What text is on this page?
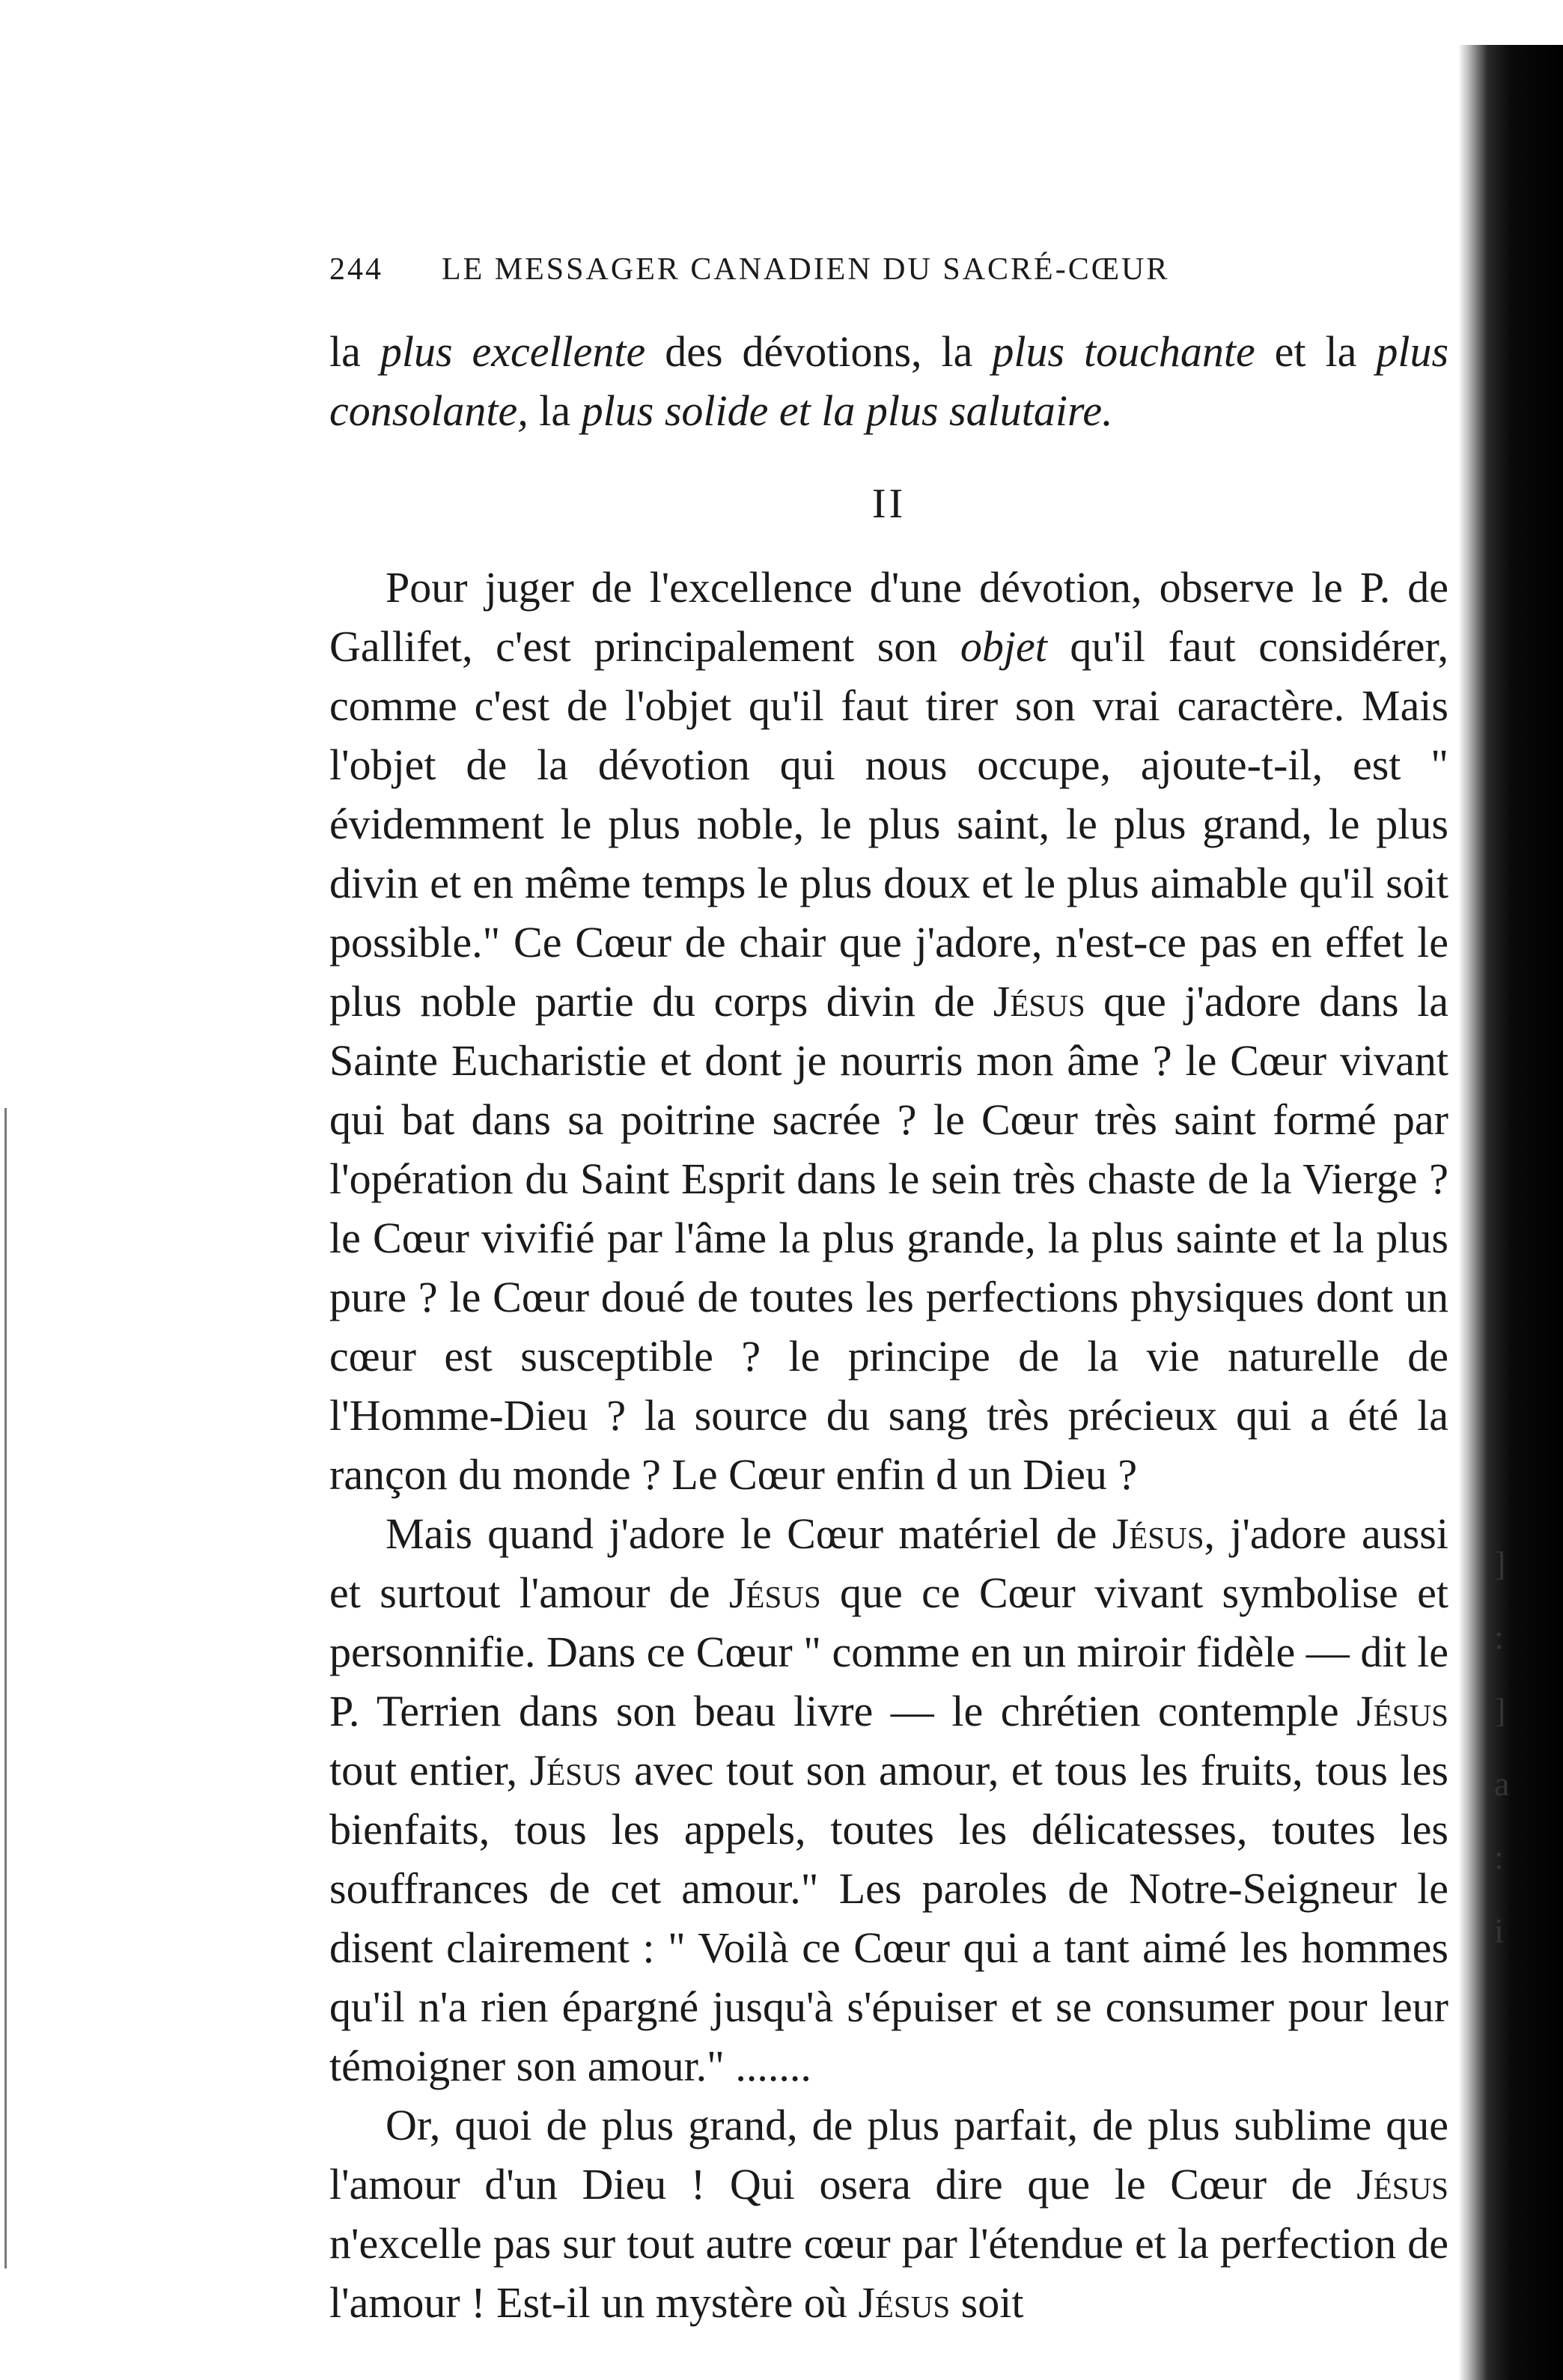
]
:
]
a
:
i
244	LE MESSAGER CANADIEN DU SACRÉ-CŒUR

la plus excellente des dévotions, la plus touchante et la plus consolante, la plus solide et la plus salutaire.

II

Pour juger de l'excellence d'une dévotion, observe le P. de Gallifet, c'est principalement son objet qu'il faut considérer, comme c'est de l'objet qu'il faut tirer son vrai caractère. Mais l'objet de la dévotion qui nous occupe, ajoute-t-il, est " évidemment le plus noble, le plus saint, le plus grand, le plus divin et en même temps le plus doux et le plus aimable qu'il soit possible." Ce Cœur de chair que j'adore, n'est-ce pas en effet le plus noble partie du corps divin de Jésus que j'adore dans la Sainte Eucharistie et dont je nourris mon âme ? le Cœur vivant qui bat dans sa poitrine sacrée ? le Cœur très saint formé par l'opération du Saint Esprit dans le sein très chaste de la Vierge ? le Cœur vivifié par l'âme la plus grande, la plus sainte et la plus pure ? le Cœur doué de toutes les perfections physiques dont un cœur est susceptible ? le principe de la vie naturelle de l'Homme-Dieu ? la source du sang très précieux qui a été la rançon du monde ? Le Cœur enfin d un Dieu ?

Mais quand j'adore le Cœur matériel de Jésus, j'adore aussi et surtout l'amour de Jésus que ce Cœur vivant symbolise et personnifie. Dans ce Cœur " comme en un miroir fidèle — dit le P. Terrien dans son beau livre — le chrétien contemple Jésus tout entier, Jésus avec tout son amour, et tous les fruits, tous les bienfaits, tous les appels, toutes les délicatesses, toutes les souffrances de cet amour." Les paroles de Notre-Seigneur le disent clairement : " Voilà ce Cœur qui a tant aimé les hommes qu'il n'a rien épargné jusqu'à s'épuiser et se consumer pour leur témoigner son amour." .......

Or, quoi de plus grand, de plus parfait, de plus sublime que l'amour d'un Dieu ! Qui osera dire que le Cœur de Jésus n'excelle pas sur tout autre cœur par l'étendue et la perfection de l'amour ! Est-il un mystère où Jésus soit
